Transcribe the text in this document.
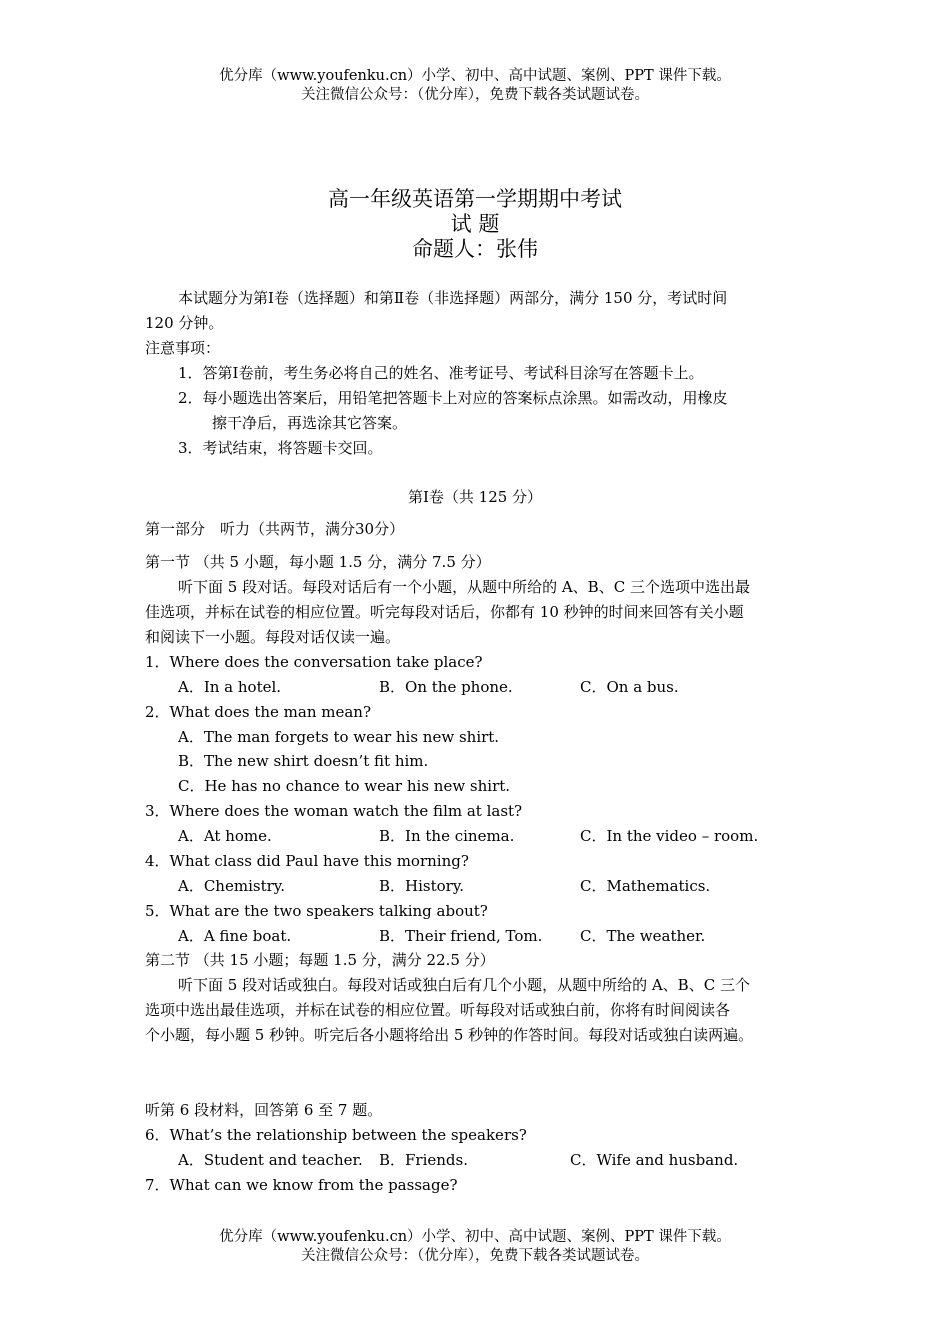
优分库（www.youfenku.cn）小学、初中、高中试题、案例、PPT 课件下载。
关注微信公众号：（优分库），免费下载各类试题试卷。
高一年级英语第一学期期中考试
试 题
命题人：张伟
本试题分为第Ⅰ卷（选择题）和第Ⅱ卷（非选择题）两部分，满分 150 分，考试时间
120 分钟。
注意事项：
1．答第Ⅰ卷前，考生务必将自己的姓名、准考证号、考试科目涂写在答题卡上。
2．每小题选出答案后，用铅笔把答题卡上对应的答案标点涂黑。如需改动，用橡皮
擦干净后，再选涂其它答案。
3．考试结束，将答题卡交回。
第Ⅰ卷（共 125 分）
第一部分　听力（共两节，满分30分）
第一节 （共 5 小题，每小题 1.5 分，满分 7.5 分）
听下面 5 段对话。每段对话后有一个小题，从题中所给的 A、B、C 三个选项中选出最
佳选项，并标在试卷的相应位置。听完每段对话后，你都有 10 秒钟的时间来回答有关小题
和阅读下一小题。每段对话仅读一遍。
1．Where does the conversation take place?
A．In a hotel.	B．On the phone.	C．On a bus.
2．What does the man mean?
A．The man forgets to wear his new shirt.
B．The new shirt doesn’t fit him.
C．He has no chance to wear his new shirt.
3．Where does the woman watch the film at last?
A．At home.	B．In the cinema.	C．In the video – room.
4．What class did Paul have this morning?
A．Chemistry.	B．History.	C．Mathematics.
5．What are the two speakers talking about?
A．A fine boat.	B．Their friend, Tom.	C．The weather.
第二节 （共 15 小题；每题 1.5 分，满分 22.5 分）
听下面 5 段对话或独白。每段对话或独白后有几个小题，从题中所给的 A、B、C 三个
选项中选出最佳选项，并标在试卷的相应位置。听每段对话或独白前，你将有时间阅读各
个小题，每小题 5 秒钟。听完后各小题将给出 5 秒钟的作答时间。每段对话或独白读两遍。
听第 6 段材料，回答第 6 至 7 题。
6．What’s the relationship between the speakers?
A．Student and teacher. B．Friends.	C．Wife and husband.
7．What can we know from the passage?
优分库（www.youfenku.cn）小学、初中、高中试题、案例、PPT 课件下载。
关注微信公众号：（优分库），免费下载各类试题试卷。
